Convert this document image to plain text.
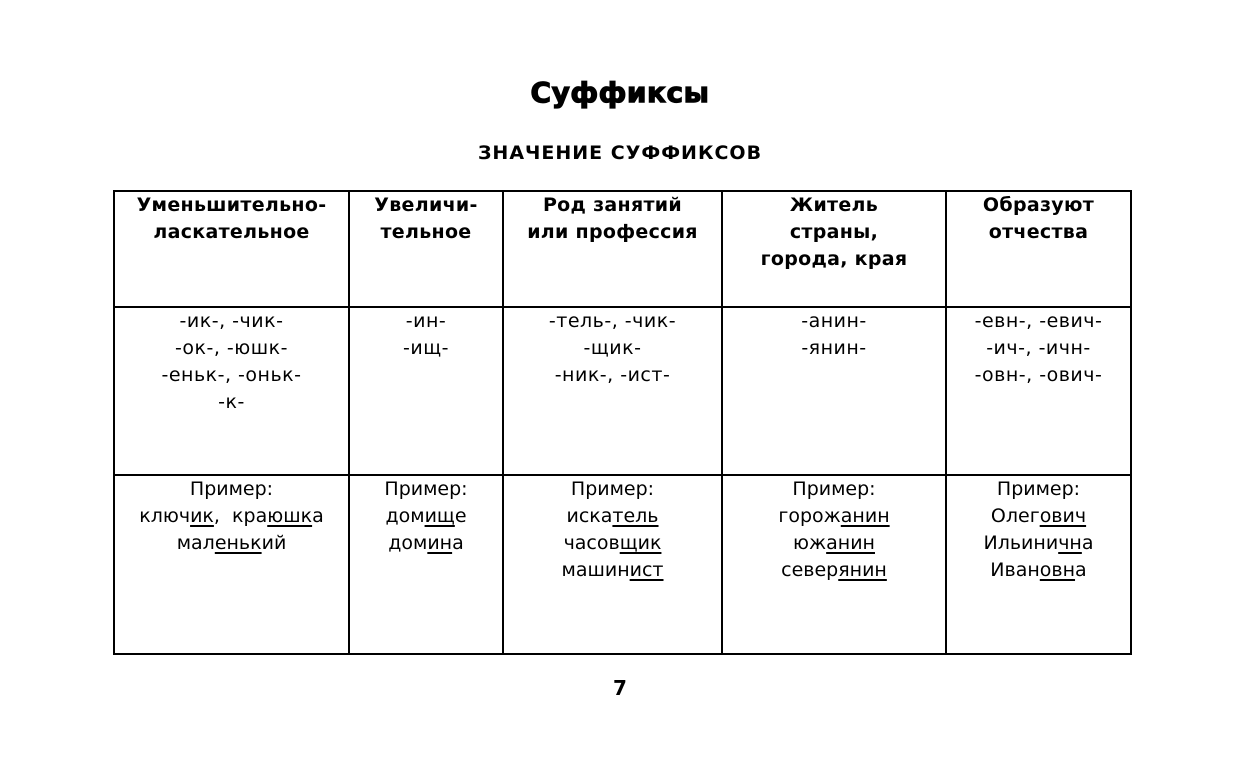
Суффиксы
ЗНАЧЕНИЕ СУФФИКСОВ
Уменьшительно-
ласкательное	Увеличи-
тельное	Род занятий
или профессия	Житель
страны,
города, края	Образуют
отчества

-ик-, -чик-
-ок-, -юшк-
-еньк-, -оньк-
-к-	-ин-
-ищ-	-тель-, -чик-
-щик-
-ник-, -ист-	-анин-
-янин-	-евн-, -евич-
-ич-, -ичн-
-овн-, -ович-

Пример:
ключик, краюшка
маленький	Пример:
домище
домина	Пример:
искатель
часовщик
машинист	Пример:
горожанин
южанин
северянин	Пример:
Олегович
Ильинична
Ивановна
7
